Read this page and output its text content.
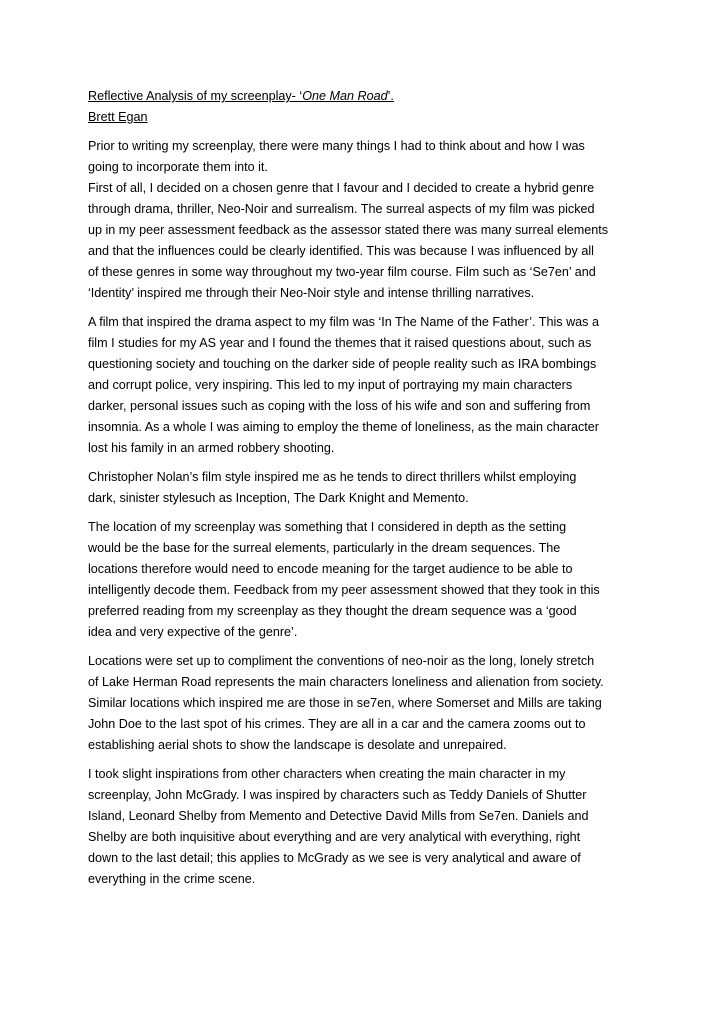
Reflective Analysis of my screenplay- ‘One Man Road’.

Brett Egan

Prior to writing my screenplay, there were many things I had to think about and how I was
going to incorporate them into it.
First of all, I decided on a chosen genre that I favour and I decided to create a hybrid genre
through drama, thriller, Neo-Noir and surrealism. The surreal aspects of my film was picked
up in my peer assessment feedback as the assessor stated there was many surreal elements
and that the influences could be clearly identified. This was because I was influenced by all
of these genres in some way throughout my two-year film course. Film such as ‘Se7en’ and
‘Identity’ inspired me through their Neo-Noir style and intense thrilling narratives.

A film that inspired the drama aspect to my film was ‘In The Name of the Father’. This was a
film I studies for my AS year and I found the themes that it raised questions about, such as
questioning society and touching on the darker side of people reality such as IRA bombings
and corrupt police, very inspiring. This led to my input of portraying my main characters
darker, personal issues such as coping with the loss of his wife and son and suffering from
insomnia. As a whole I was aiming to employ the theme of loneliness, as the main character
lost his family in an armed robbery shooting.

Christopher Nolan’s film style inspired me as he tends to direct thrillers whilst employing
dark, sinister stylesuch as Inception, The Dark Knight and Memento.

The location of my screenplay was something that I considered in depth as the setting
would be the base for the surreal elements, particularly in the dream sequences. The
locations therefore would need to encode meaning for the target audience to be able to
intelligently decode them. Feedback from my peer assessment showed that they took in this
preferred reading from my screenplay as they thought the dream sequence was a ‘good
idea and very expective of the genre’.

Locations were set up to compliment the conventions of neo-noir as the long, lonely stretch
of Lake Herman Road represents the main characters loneliness and alienation from society.
Similar locations which inspired me are those in se7en, where Somerset and Mills are taking
John Doe to the last spot of his crimes. They are all in a car and the camera zooms out to
establishing aerial shots to show the landscape is desolate and unrepaired.

I took slight inspirations from other characters when creating the main character in my
screenplay, John McGrady. I was inspired by characters such as Teddy Daniels of Shutter
Island, Leonard Shelby from Memento and Detective David Mills from Se7en. Daniels and
Shelby are both inquisitive about everything and are very analytical with everything, right
down to the last detail; this applies to McGrady as we see is very analytical and aware of
everything in the crime scene.
